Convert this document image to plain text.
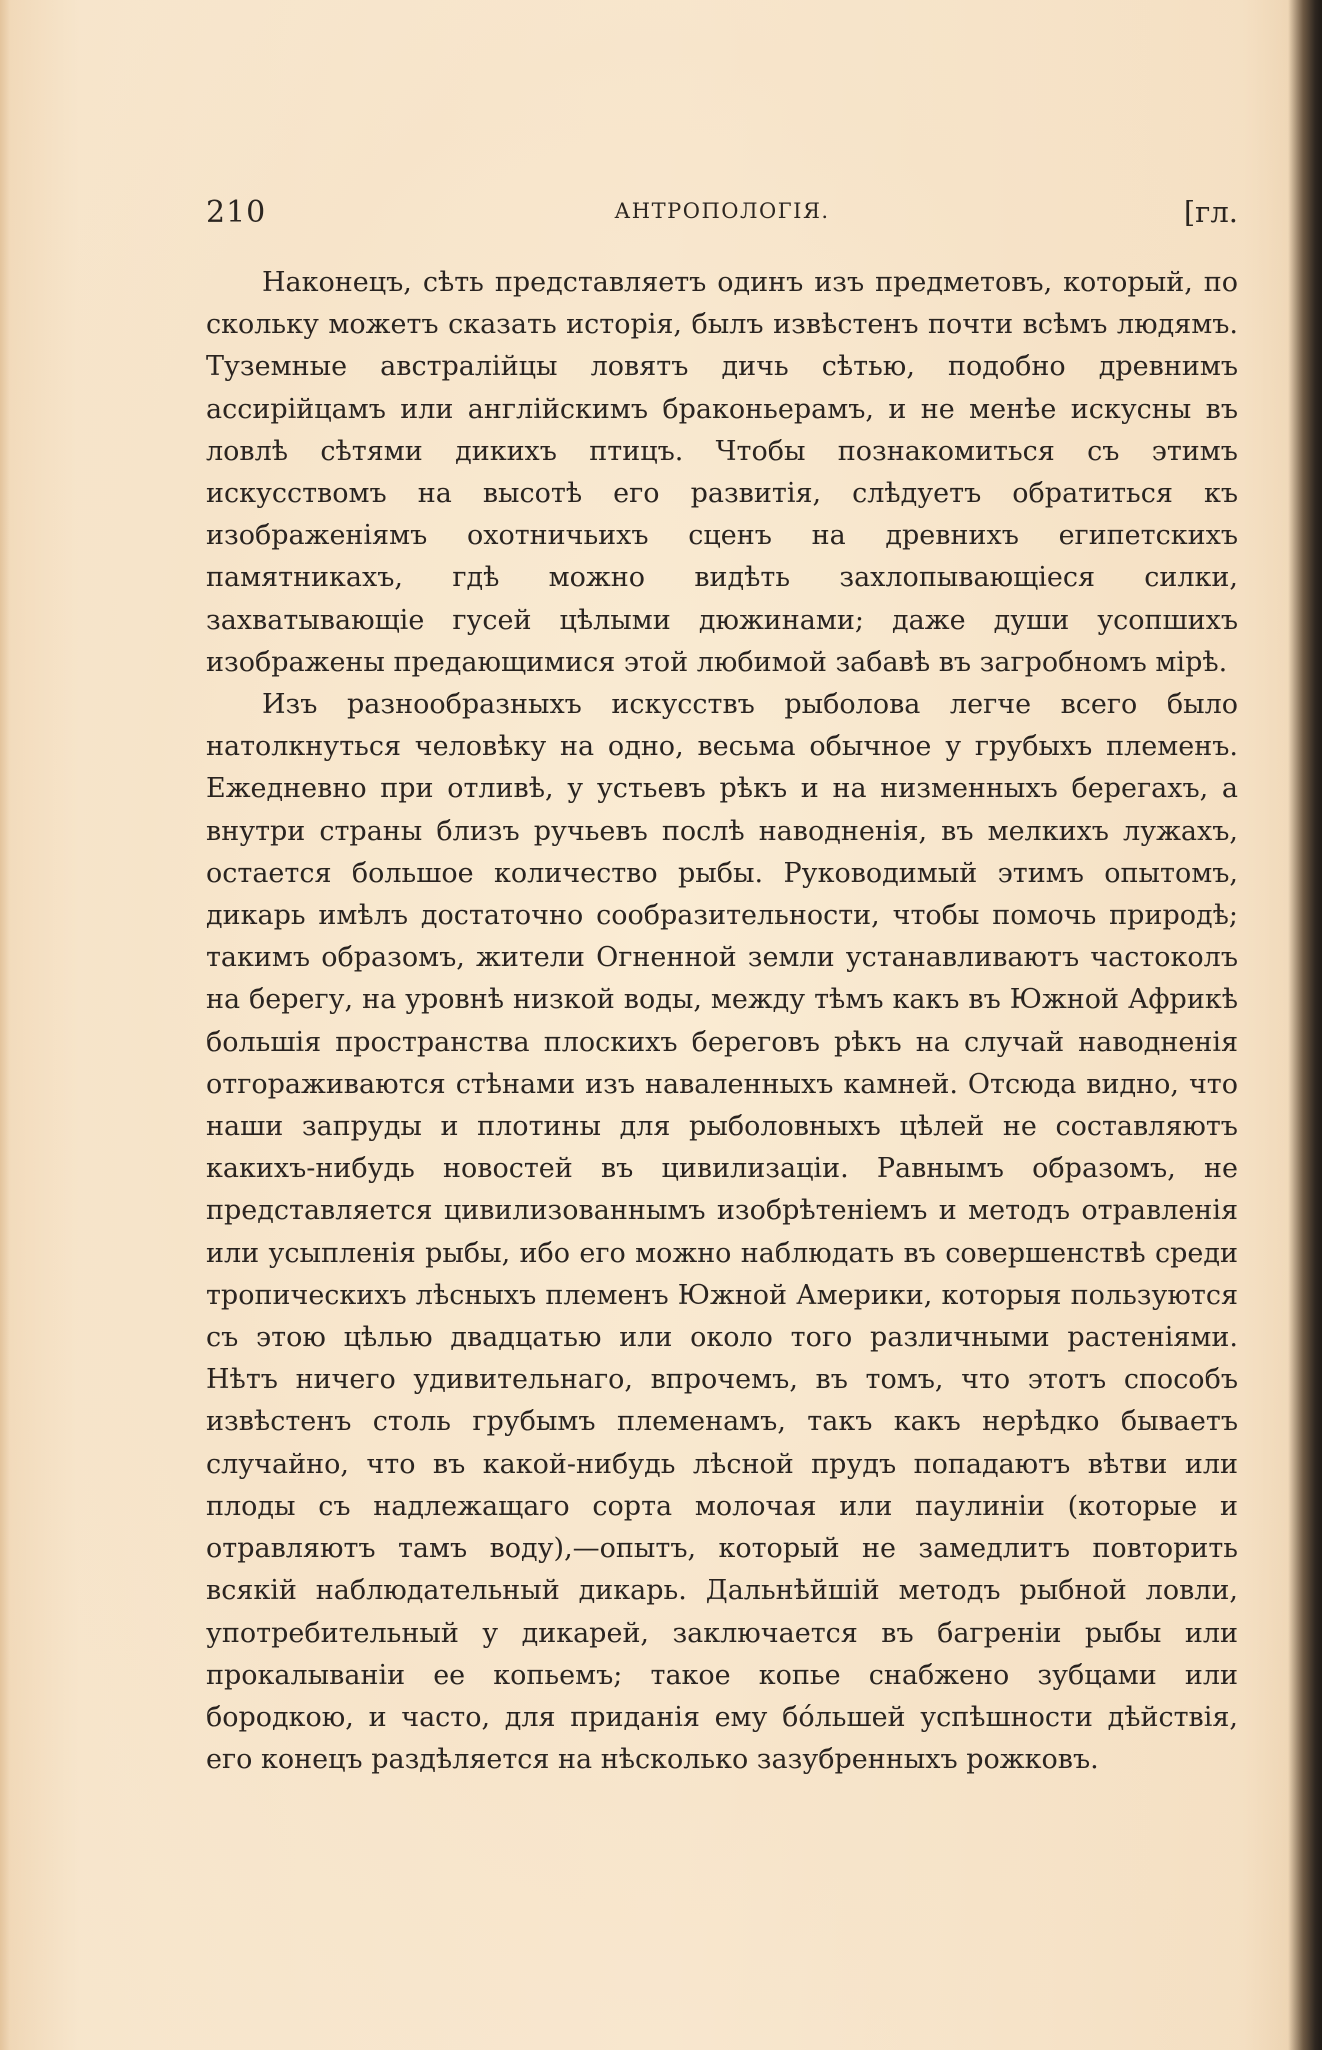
210	АНТРОПОЛОГІЯ.	[гл.

Наконецъ, сѣть представляетъ одинъ изъ предметовъ, который, по скольку можетъ сказать исторія, былъ извѣстенъ почти всѣмъ людямъ. Туземные австралійцы ловятъ дичь сѣтью, подобно древнимъ ассирійцамъ или англійскимъ браконьерамъ, и не менѣе искусны въ ловлѣ сѣтями дикихъ птицъ. Чтобы познакомиться съ этимъ искусствомъ на высотѣ его развитія, слѣдуетъ обратиться къ изображеніямъ охотничьихъ сценъ на древнихъ египетскихъ памятникахъ, гдѣ можно видѣть захлопывающіеся силки, захватывающіе гусей цѣлыми дюжинами; даже души усопшихъ изображены предающимися этой любимой забавѣ въ загробномъ мірѣ.

Изъ разнообразныхъ искусствъ рыболова легче всего было натолкнуться человѣку на одно, весьма обычное у грубыхъ племенъ. Ежедневно при отливѣ, у устьевъ рѣкъ и на низменныхъ берегахъ, а внутри страны близъ ручьевъ послѣ наводненія, въ мелкихъ лужахъ, остается большое количество рыбы. Руководимый этимъ опытомъ, дикарь имѣлъ достаточно сообразительности, чтобы помочь природѣ; такимъ образомъ, жители Огненной земли устанавливаютъ частоколъ на берегу, на уровнѣ низкой воды, между тѣмъ какъ въ Южной Африкѣ большія пространства плоскихъ береговъ рѣкъ на случай наводненія отгораживаются стѣнами изъ наваленныхъ камней. Отсюда видно, что наши запруды и плотины для рыболовныхъ цѣлей не составляютъ какихъ-нибудь новостей въ цивилизаціи. Равнымъ образомъ, не представляется цивилизованнымъ изобрѣтеніемъ и методъ отравленія или усыпленія рыбы, ибо его можно наблюдать въ совершенствѣ среди тропическихъ лѣсныхъ племенъ Южной Америки, которыя пользуются съ этою цѣлью двадцатью или около того различными растеніями. Нѣтъ ничего удивительнаго, впрочемъ, въ томъ, что этотъ способъ извѣстенъ столь грубымъ племенамъ, такъ какъ нерѣдко бываетъ случайно, что въ какой-нибудь лѣсной прудъ попадаютъ вѣтви или плоды съ надлежащаго сорта молочая или паулиніи (которые и отравляютъ тамъ воду),—опытъ, который не замедлитъ повторить всякій наблюдательный дикарь. Дальнѣйшій методъ рыбной ловли, употребительный у дикарей, заключается въ багреніи рыбы или прокалываніи ее копьемъ; такое копье снабжено зубцами или бородкою, и часто, для приданія ему бо́льшей успѣшности дѣйствія, его конецъ раздѣляется на нѣсколько зазубренныхъ рожковъ.
